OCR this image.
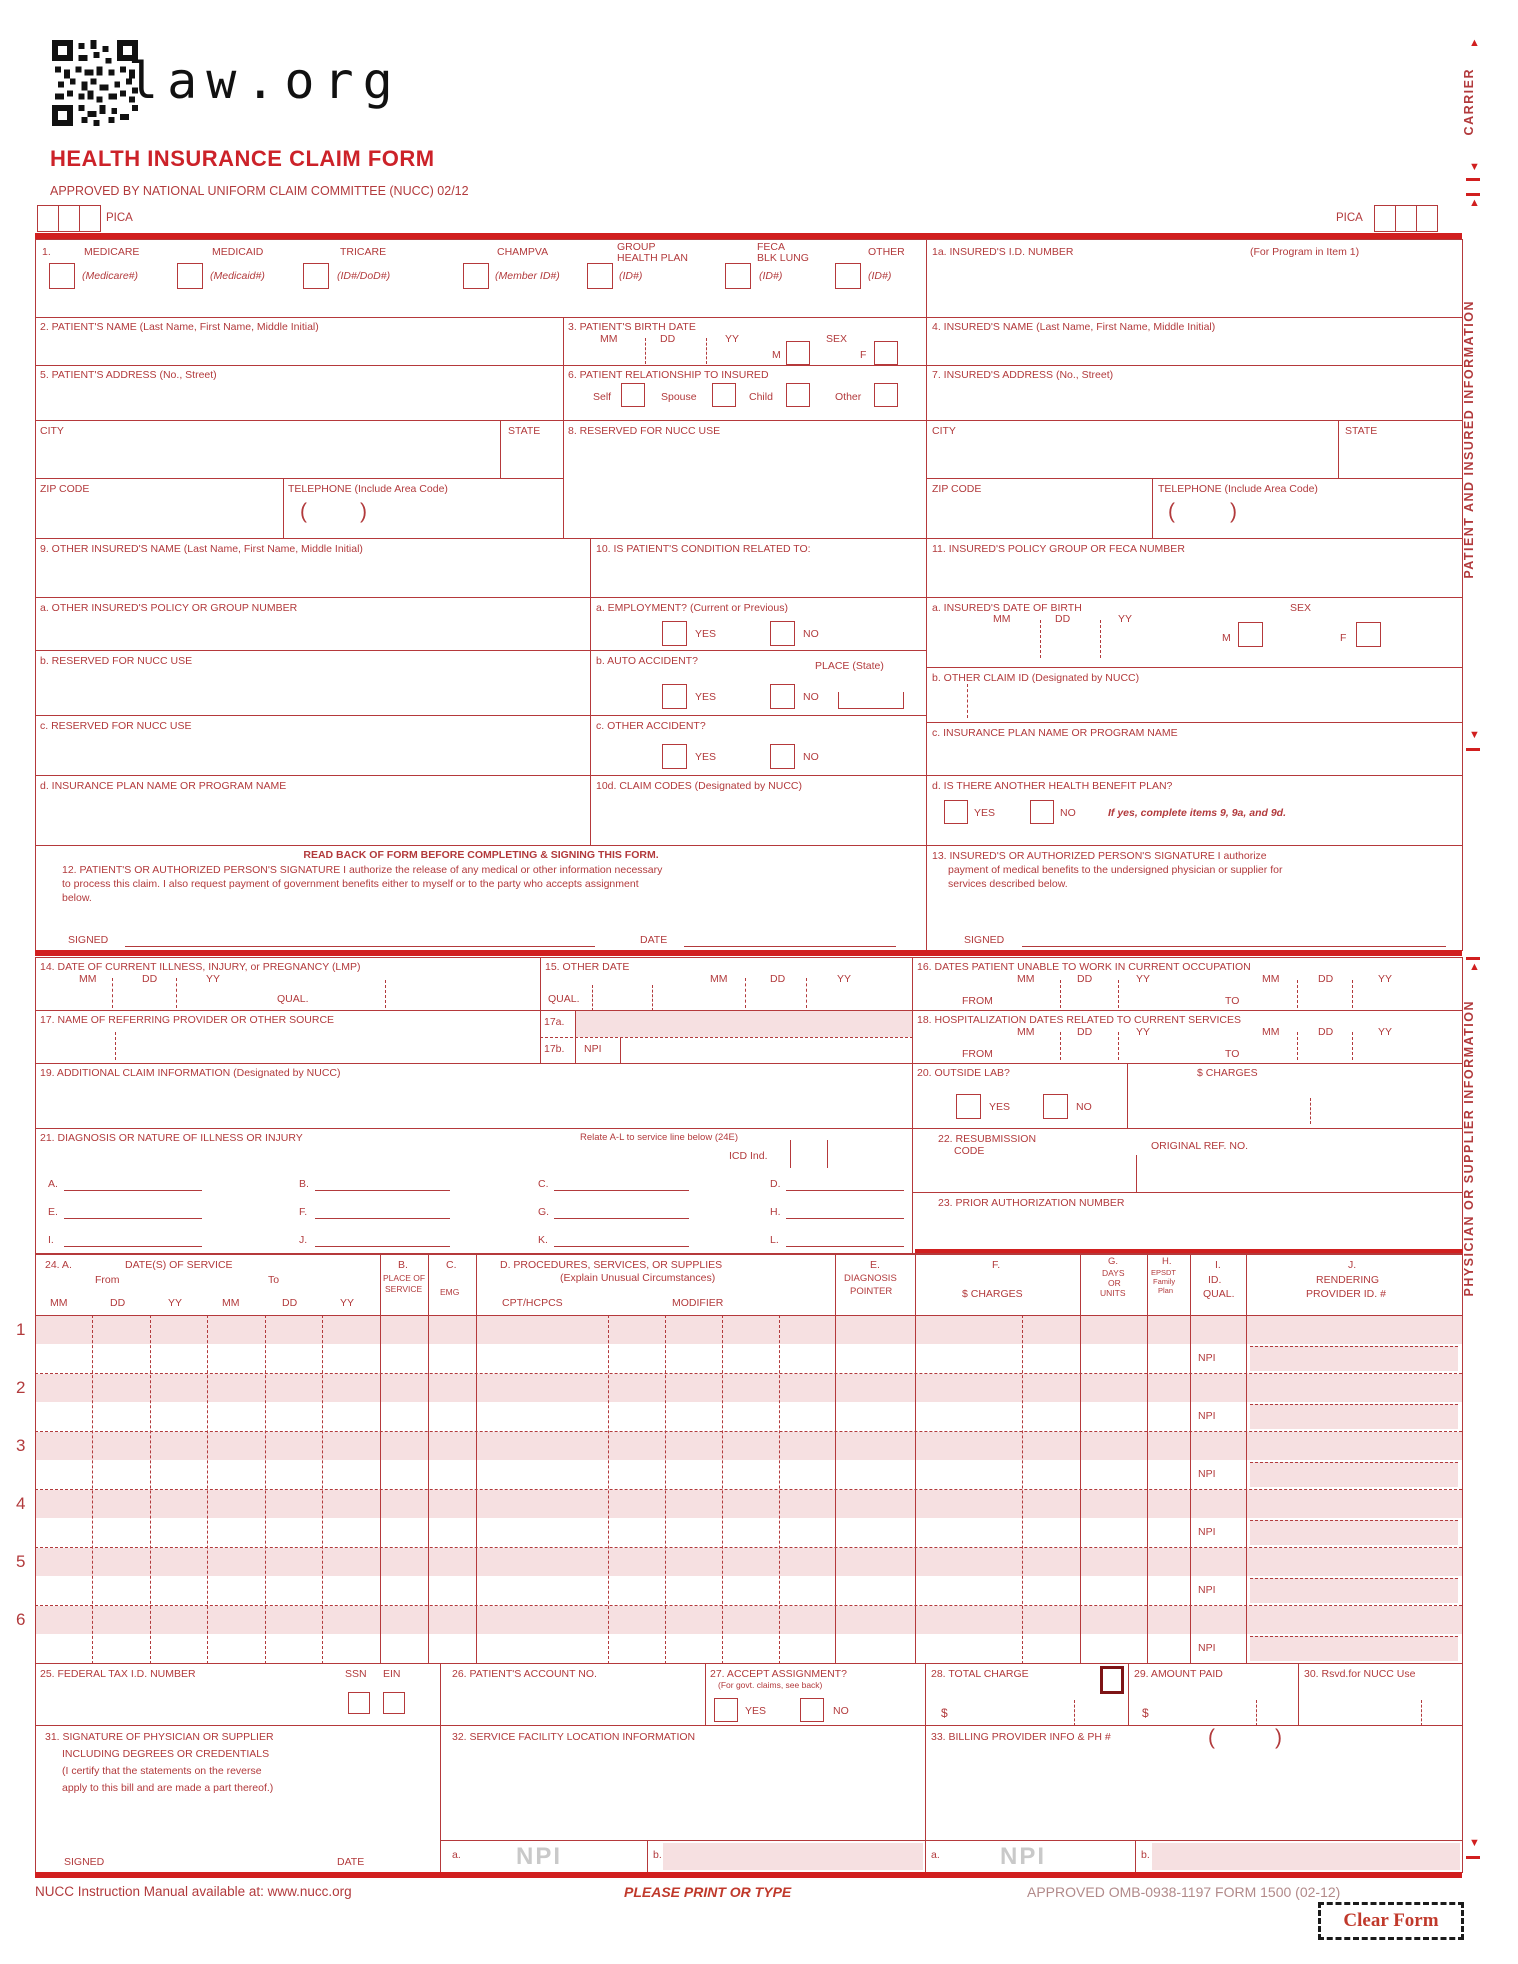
law.org
HEALTH INSURANCE CLAIM FORM
APPROVED BY NATIONAL UNIFORM CLAIM COMMITTEE (NUCC) 02/12
PICA	PICA
1.	MEDICARE	MEDICAID	TRICARE	CHAMPVA	GROUP
HEALTH PLAN
FECA
BLK LUNG	OTHER
(Medicare#)	(Medicaid#)	(ID#/DoD#)	(Member ID#)	(ID#)	(ID#)	(ID#)
1a. INSURED'S I.D. NUMBER	(For Program in Item 1)
2. PATIENT'S NAME (Last Name, First Name, Middle Initial)	3. PATIENT'S BIRTH DATE
MM	DD	YY	SEX
M	F
4. INSURED'S NAME (Last Name, First Name, Middle Initial)
5. PATIENT'S ADDRESS (No., Street)	6. PATIENT RELATIONSHIP TO INSURED
Self	Spouse	Child	Other
7. INSURED'S ADDRESS (No., Street)
CITY	STATE	8. RESERVED FOR NUCC USE	CITY	STATE
ZIP CODE	TELEPHONE (Include Area Code)
(	)
ZIP CODE	TELEPHONE (Include Area Code)
(	)
9. OTHER INSURED'S NAME (Last Name, First Name, Middle Initial)	10. IS PATIENT'S CONDITION RELATED TO:	11. INSURED'S POLICY GROUP OR FECA NUMBER
a. OTHER INSURED'S POLICY OR GROUP NUMBER	a. EMPLOYMENT? (Current or Previous)
YES	NO
a. INSURED'S DATE OF BIRTH
MM	DD	YY
SEX
M	F
b. RESERVED FOR NUCC USE	b. AUTO ACCIDENT?	PLACE (State)
YES	NO
b. OTHER CLAIM ID (Designated by NUCC)
c. RESERVED FOR NUCC USE	c. OTHER ACCIDENT?
YES	NO
c. INSURANCE PLAN NAME OR PROGRAM NAME
d. INSURANCE PLAN NAME OR PROGRAM NAME	10d. CLAIM CODES (Designated by NUCC)	d. IS THERE ANOTHER HEALTH BENEFIT PLAN?
YES	NO	If yes, complete items 9, 9a, and 9d.
READ BACK OF FORM BEFORE COMPLETING & SIGNING THIS FORM.
12. PATIENT'S OR AUTHORIZED PERSON'S SIGNATURE I authorize the release of any medical or other information necessary
to process this claim. I also request payment of government benefits either to myself or to the party who accepts assignment
below.
SIGNED	DATE
13. INSURED'S OR AUTHORIZED PERSON'S SIGNATURE I authorize
payment of medical benefits to the undersigned physician or supplier for
services described below.
SIGNED
14. DATE OF CURRENT ILLNESS, INJURY, or PREGNANCY (LMP)
MM	DD	YY
QUAL.
15. OTHER DATE
QUAL.
MM	DD	YY
16. DATES PATIENT UNABLE TO WORK IN CURRENT OCCUPATION
MM	DD	YY
FROM	TO
MM	DD	YY
17. NAME OF REFERRING PROVIDER OR OTHER SOURCE	17a.
17b. NPI
18. HOSPITALIZATION DATES RELATED TO CURRENT SERVICES
MM	DD	YY
FROM	TO
MM	DD	YY
19. ADDITIONAL CLAIM INFORMATION (Designated by NUCC)	20. OUTSIDE LAB?
YES	NO
$ CHARGES
21. DIAGNOSIS OR NATURE OF ILLNESS OR INJURY	Relate A-L to service line below (24E)
ICD Ind.
A.	B.	C.	D.
E.	F.	G.	H.
I.	J.	K.	L.
22. RESUBMISSION
CODE	ORIGINAL REF. NO.
23. PRIOR AUTHORIZATION NUMBER
24. A.	DATE(S) OF SERVICE
From	To
MM	DD	YY	MM	DD	YY
B.
PLACE OF
SERVICE
C.
EMG
D. PROCEDURES, SERVICES, OR SUPPLIES
(Explain Unusual Circumstances)
CPT/HCPCS	MODIFIER
E.
DIAGNOSIS
POINTER
F.
$ CHARGES
G.
DAYS
OR
UNITS
H.
EPSDT
Family
Plan
I.
ID.
QUAL.
J.
RENDERING
PROVIDER ID. #
1
2
3
4
5
6
NPI
NPI
NPI
NPI
NPI
NPI
25. FEDERAL TAX I.D. NUMBER	SSN EIN	26. PATIENT'S ACCOUNT NO.	27. ACCEPT ASSIGNMENT?
(For govt. claims, see back)
YES	NO
28. TOTAL CHARGE
$
29. AMOUNT PAID
$
30. Rsvd.for NUCC Use
31. SIGNATURE OF PHYSICIAN OR SUPPLIER
INCLUDING DEGREES OR CREDENTIALS
(I certify that the statements on the reverse
apply to this bill and are made a part thereof.)
SIGNED	DATE
32. SERVICE FACILITY LOCATION INFORMATION
a. NPI	b.
33. BILLING PROVIDER INFO & PH #	(	)
a.	NPI	b.
NUCC Instruction Manual available at: www.nucc.org	PLEASE PRINT OR TYPE	APPROVED OMB-0938-1197 FORM 1500 (02-12)
Clear Form
▲
CARRIER
▼
▲
PATIENT AND INSURED INFORMATION
▼
▲
PHYSICIAN OR SUPPLIER INFORMATION
▼
